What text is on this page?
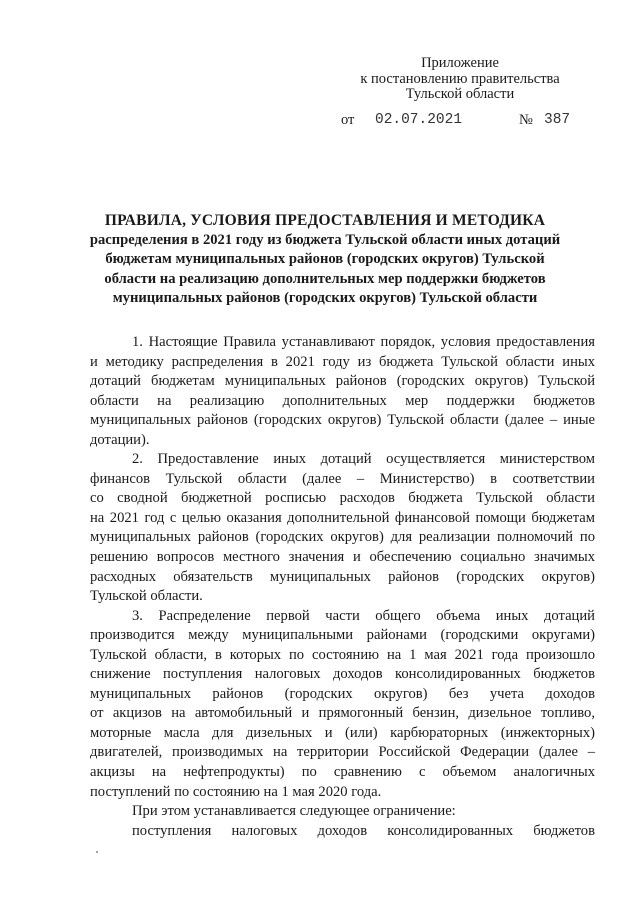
Приложение
к постановлению правительства
Тульской области
от 02.07.2021	№ 387
ПРАВИЛА, УСЛОВИЯ ПРЕДОСТАВЛЕНИЯ И МЕТОДИКА
распределения в 2021 году из бюджета Тульской области иных дотаций
бюджетам муниципальных районов (городских округов) Тульской
области на реализацию дополнительных мер поддержки бюджетов
муниципальных районов (городских округов) Тульской области

1. Настоящие Правила устанавливают порядок, условия предоставления
и методику распределения в 2021 году из бюджета Тульской области иных
дотаций бюджетам муниципальных районов (городских округов) Тульской
области на реализацию дополнительных мер поддержки бюджетов
муниципальных районов (городских округов) Тульской области (далее – иные
дотации).

2. Предоставление иных дотаций осуществляется министерством
финансов Тульской области (далее – Министерство) в соответствии
со сводной бюджетной росписью расходов бюджета Тульской области
на 2021 год с целью оказания дополнительной финансовой помощи бюджетам
муниципальных районов (городских округов) для реализации полномочий по
решению вопросов местного значения и обеспечению социально значимых
расходных обязательств муниципальных районов (городских округов)
Тульской области.

3. Распределение первой части общего объема иных дотаций
производится между муниципальными районами (городскими округами)
Тульской области, в которых по состоянию на 1 мая 2021 года произошло
снижение поступления налоговых доходов консолидированных бюджетов
муниципальных районов (городских округов) без учета доходов
от акцизов на автомобильный и прямогонный бензин, дизельное топливо,
моторные масла для дизельных и (или) карбюраторных (инжекторных)
двигателей, производимых на территории Российской Федерации (далее –
акцизы на нефтепродукты) по сравнению с объемом аналогичных
поступлений по состоянию на 1 мая 2020 года.

При этом устанавливается следующее ограничение:

поступления налоговых доходов консолидированных бюджетов
